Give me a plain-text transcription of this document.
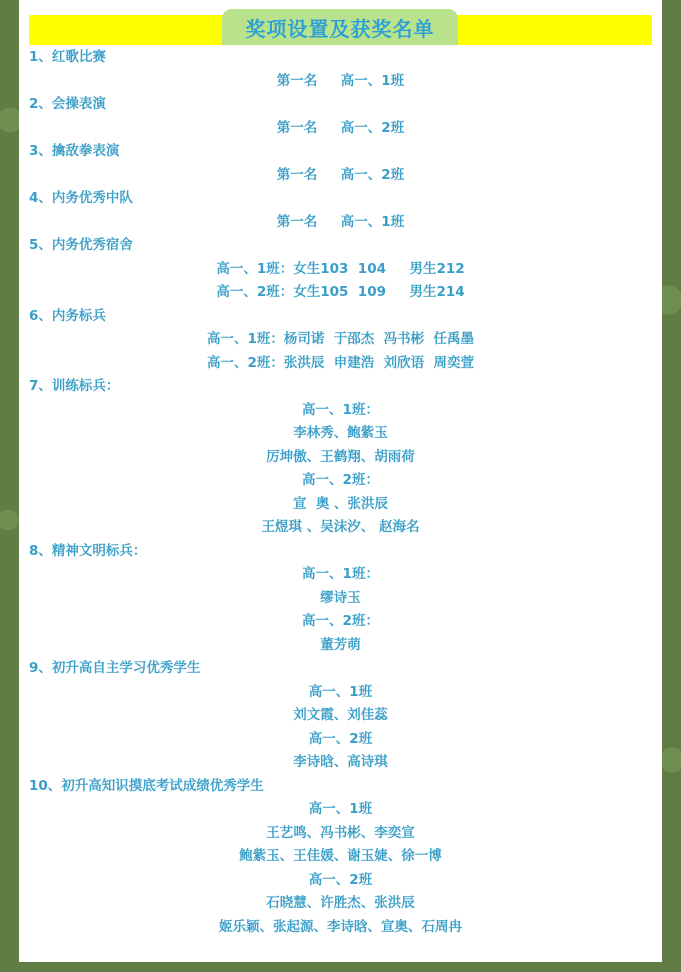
奖项设置及获奖名单
1、红歌比赛
第一名     高一、1班
2、会操表演
第一名     高一、2班
3、擒敌拳表演
第一名     高一、2班
4、内务优秀中队
第一名     高一、1班
5、内务优秀宿舍
高一、1班：女生103  104     男生212
高一、2班：女生105  109     男生214
6、内务标兵
高一、1班：杨司诺  于邵杰  冯书彬  任禹墨
高一、2班：张洪辰  申建浩  刘欣语  周奕萱
7、训练标兵：
高一、1班：
李林秀、鲍紫玉
厉坤傲、王鹤翔、胡雨荷
高一、2班：
宣  奥 、张洪辰
王煜琪 、吴沫汐、 赵海名
8、精神文明标兵：
高一、1班：
缪诗玉
高一、2班：
董芳萌
9、初升高自主学习优秀学生
高一、1班
刘文霞、刘佳蕊
高一、2班
李诗晗、高诗琪
10、初升高知识摸底考试成绩优秀学生
高一、1班
王艺鸣、冯书彬、李奕宣
鲍紫玉、王佳媛、谢玉婕、徐一博
高一、2班
石晓慧、许胜杰、张洪辰
姬乐颖、张起源、李诗晗、宣奥、石周冉
